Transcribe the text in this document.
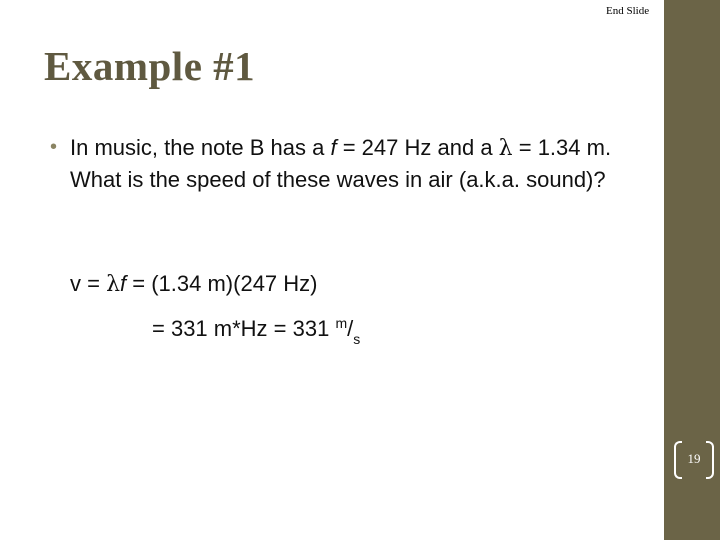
End Slide
Example #1
• In music, the note B has a f = 247 Hz and a λ = 1.34 m. What is the speed of these waves in air (a.k.a. sound)?
v = λf = (1.34 m)(247 Hz)
= 331 m*Hz = 331 $^m/_s$
19
